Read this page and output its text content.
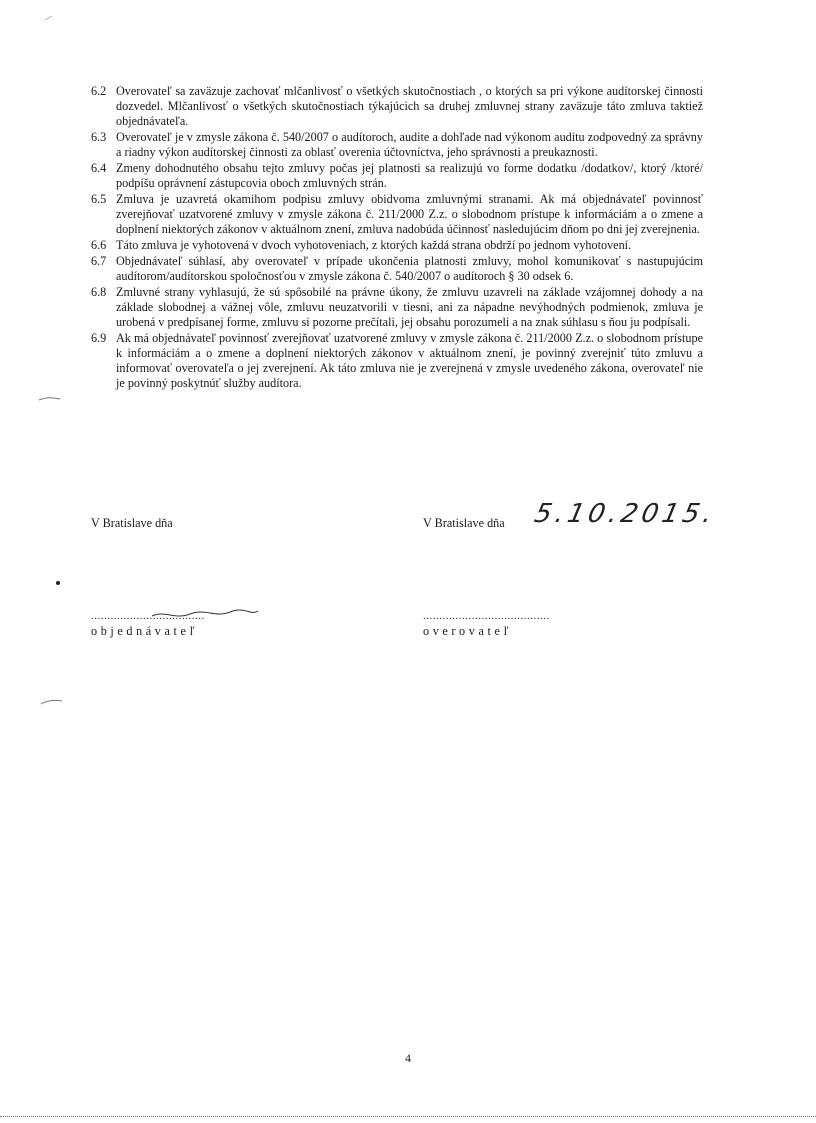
6.2 Overovateľ sa zaväzuje zachovať mlčanlivosť o všetkých skutočnostiach , o ktorých sa pri výkone audítorskej činnosti dozvedel. Mlčanlivosť o všetkých skutočnostiach týkajúcich sa druhej zmluvnej strany zaväzuje táto zmluva taktiež objednávateľa.
6.3 Overovateľ je v zmysle zákona č. 540/2007 o audítoroch, audite a dohľade nad výkonom auditu zodpovedný za správny a riadny výkon audítorskej činnosti za oblasť overenia účtovníctva, jeho správnosti a preukaznosti.
6.4 Zmeny dohodnutého obsahu tejto zmluvy počas jej platnosti sa realizujú vo forme dodatku /dodatkov/, ktorý /ktoré/ podpíšu oprávnení zástupcovia oboch zmluvných strán.
6.5 Zmluva je uzavretá okamihom podpisu zmluvy obidvoma zmluvnými stranami. Ak má objednávateľ povinnosť zverejňovať uzatvorené zmluvy v zmysle zákona č. 211/2000 Z.z. o slobodnom prístupe k informáciám a o zmene a doplnení niektorých zákonov v aktuálnom znení, zmluva nadobúda účinnosť nasledujúcim dňom po dni jej zverejnenia.
6.6 Táto zmluva je vyhotovená v dvoch vyhotoveniach, z ktorých každá strana obdrží po jednom vyhotovení.
6.7 Objednávateľ súhlasí, aby overovateľ v prípade ukončenia platnosti zmluvy, mohol komunikovať s nastupujúcim audítorom/audítorskou spoločnosťou v zmysle zákona č. 540/2007 o audítoroch § 30 odsek 6.
6.8 Zmluvné strany vyhlasujú, že sú spôsobilé na právne úkony, že zmluvu uzavreli na základe vzájomnej dohody a na základe slobodnej a vážnej vôle, zmluvu neuzatvorili v tiesni, ani za nápadne nevýhodných podmienok, zmluva je urobená v predpísanej forme, zmluvu si pozorne prečítali, jej obsahu porozumeli a na znak súhlasu s ňou ju podpísali.
6.9 Ak má objednávateľ povinnosť zverejňovať uzatvorené zmluvy v zmysle zákona č. 211/2000 Z.z. o slobodnom prístupe k informáciám a o zmene a doplnení niektorých zákonov v aktuálnom znení, je povinný zverejniť túto zmluvu a informovať overovateľa o jej zverejnení. Ak táto zmluva nie je zverejnená v zmysle uvedeného zákona, overovateľ nie je povinný poskytnúť služby audítora.
V Bratislave dňa	V Bratislave dňa 5.10.2015.
...................................	.......................................
objednávateľ	overovateľ
4
